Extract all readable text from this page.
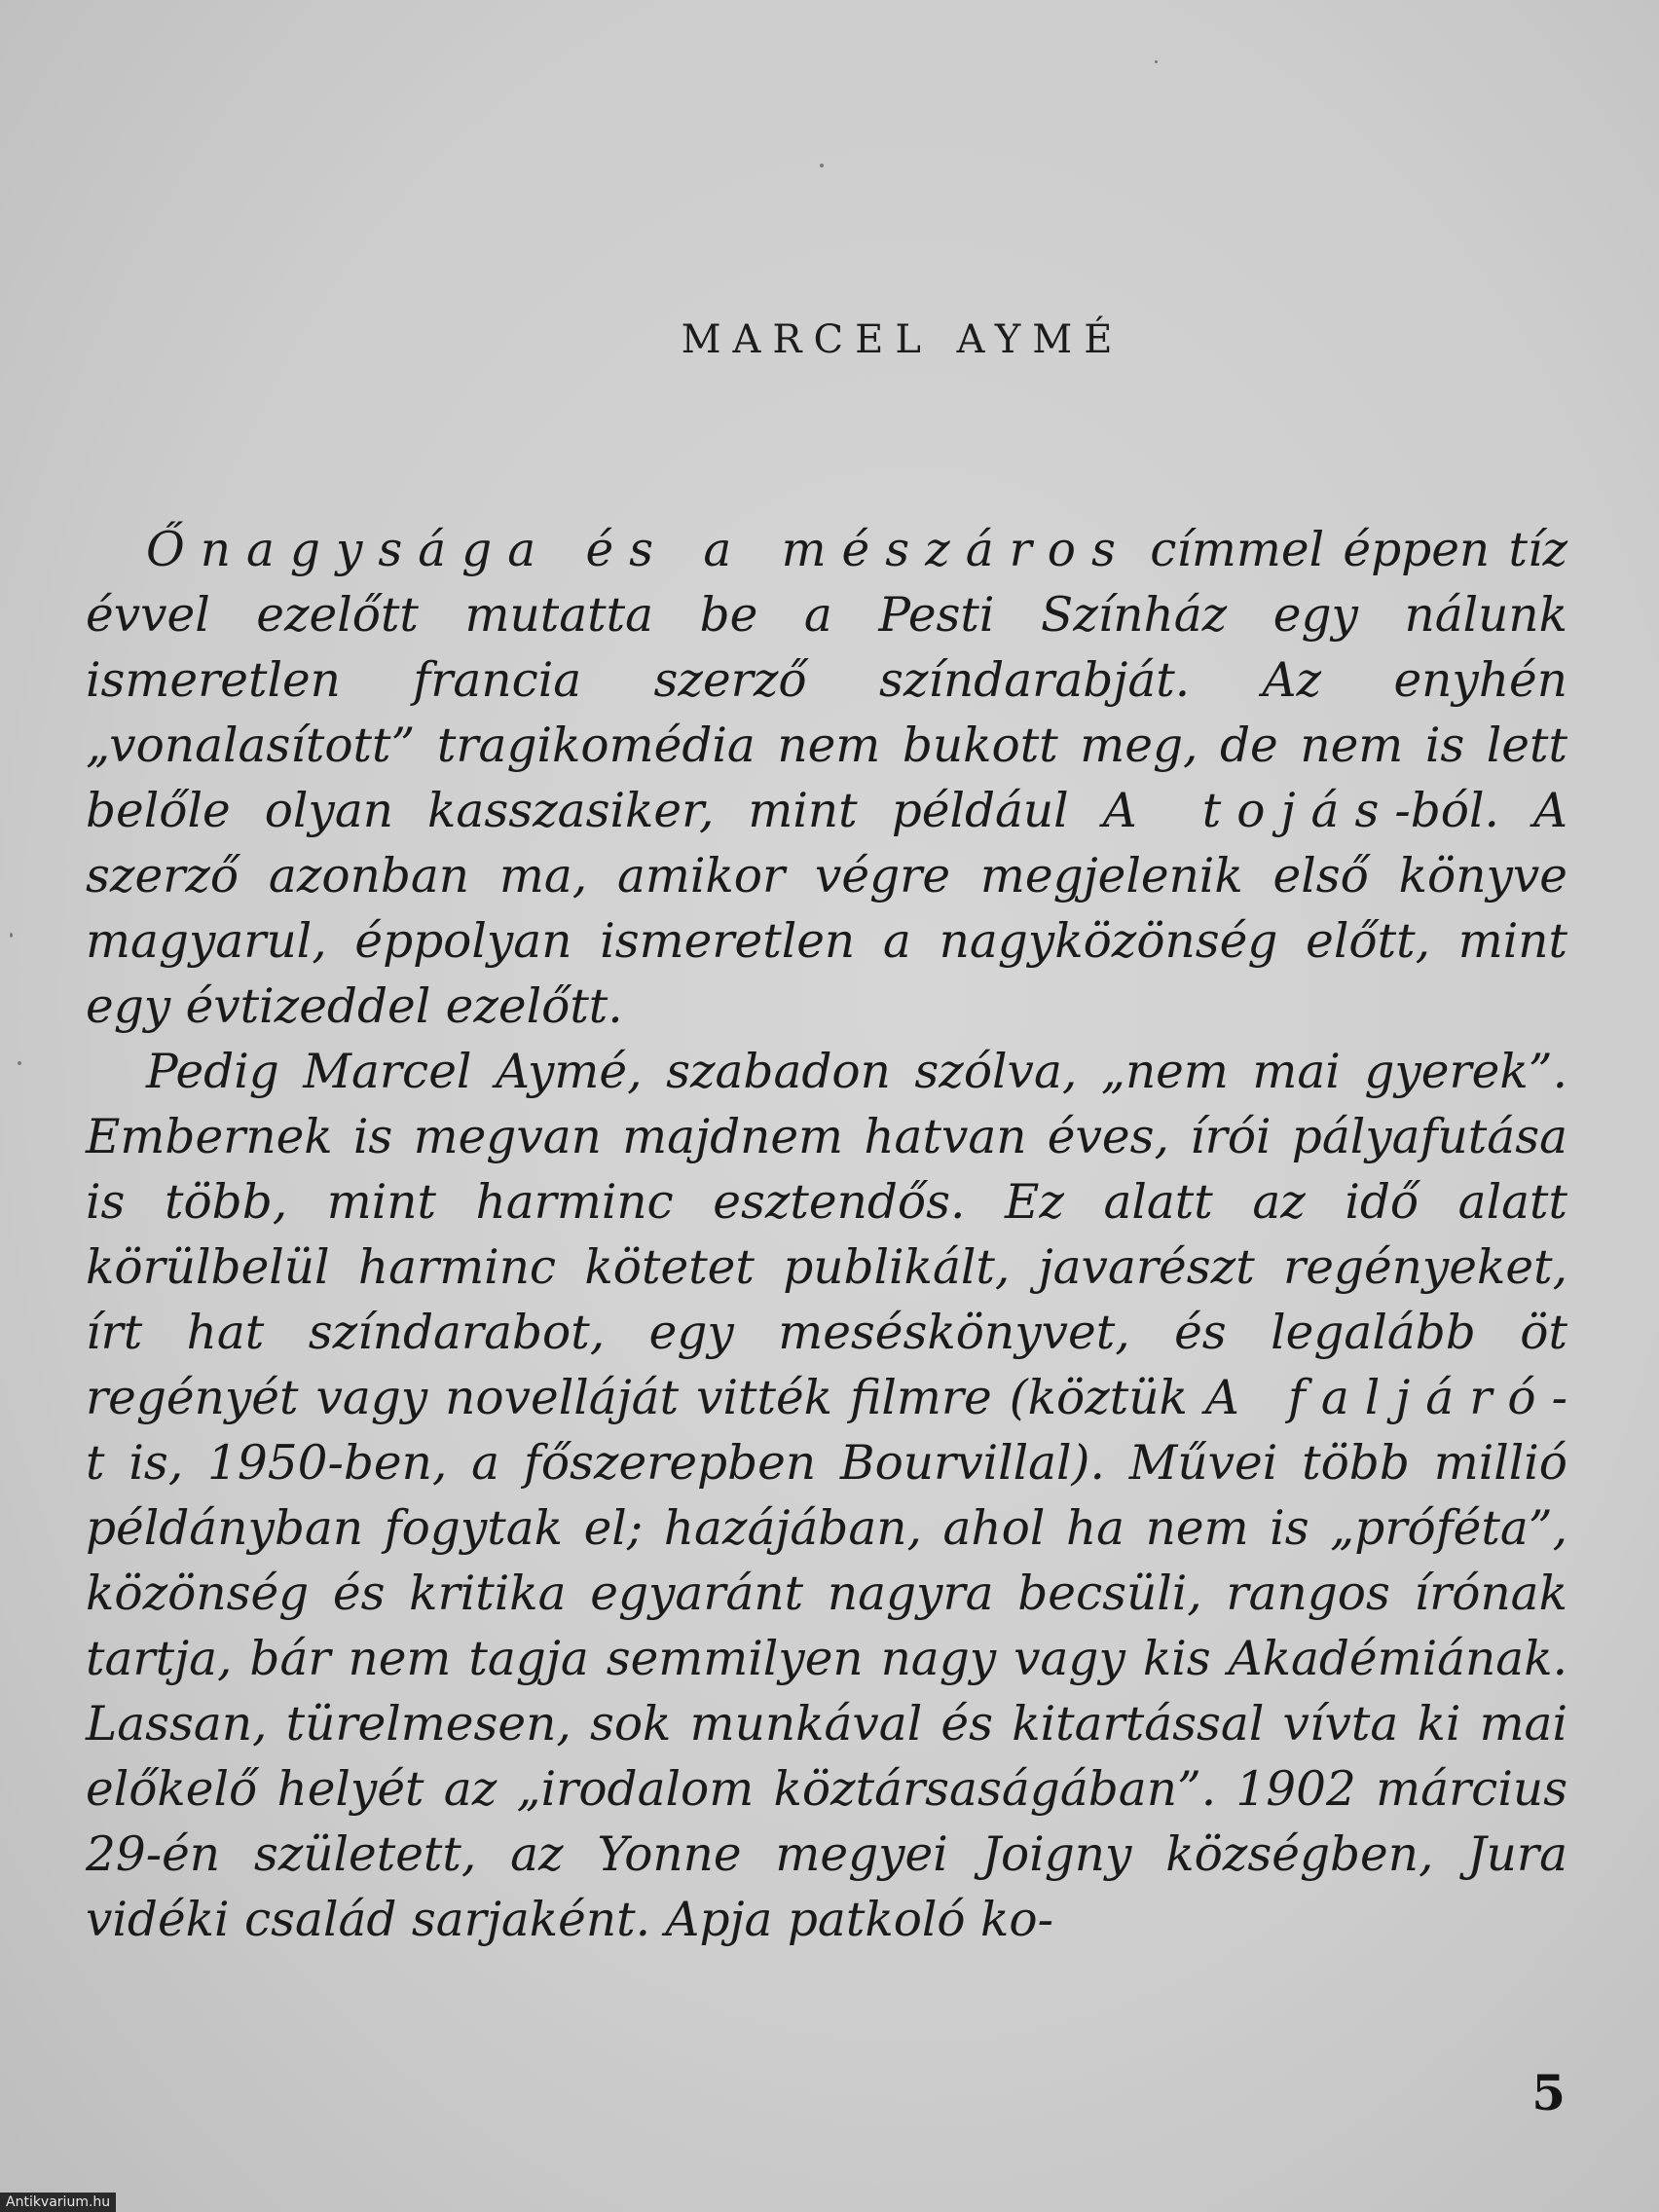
MARCEL AYMÉ

Őnagysága és a mészáros címmel éppen tíz évvel ezelőtt mutatta be a Pesti Színház egy nálunk ismeretlen francia szerző színdarabját. Az enyhén „vonalasított” tragikomédia nem bukott meg, de nem is lett belőle olyan kasszasiker, mint például A tojás-ból. A szerző azonban ma, amikor végre megjelenik első könyve magyarul, éppolyan ismeretlen a nagyközönség előtt, mint egy évtizeddel ezelőtt.

Pedig Marcel Aymé, szabadon szólva, „nem mai gyerek”. Embernek is megvan majdnem hatvan éves, írói pályafutása is több, mint harminc esztendős. Ez alatt az idő alatt körülbelül harminc kötetet publikált, javarészt regényeket, írt hat színdarabot, egy meséskönyvet, és legalább öt regényét vagy novelláját vitték filmre (köztük A faljáró-t is, 1950-ben, a főszerepben Bourvillal). Művei több millió példányban fogytak el; hazájában, ahol ha nem is „próféta”, közönség és kritika egyaránt nagyra becsüli, rangos írónak tartja, bár nem tagja semmilyen nagy vagy kis Akadémiának. Lassan, türelmesen, sok munkával és kitartással vívta ki mai előkelő helyét az „irodalom köztársaságában”. 1902 március 29-én született, az Yonne megyei Joigny községben, Jura vidéki család sarjaként. Apja patkoló ko-

5
Antikvarium.hu
